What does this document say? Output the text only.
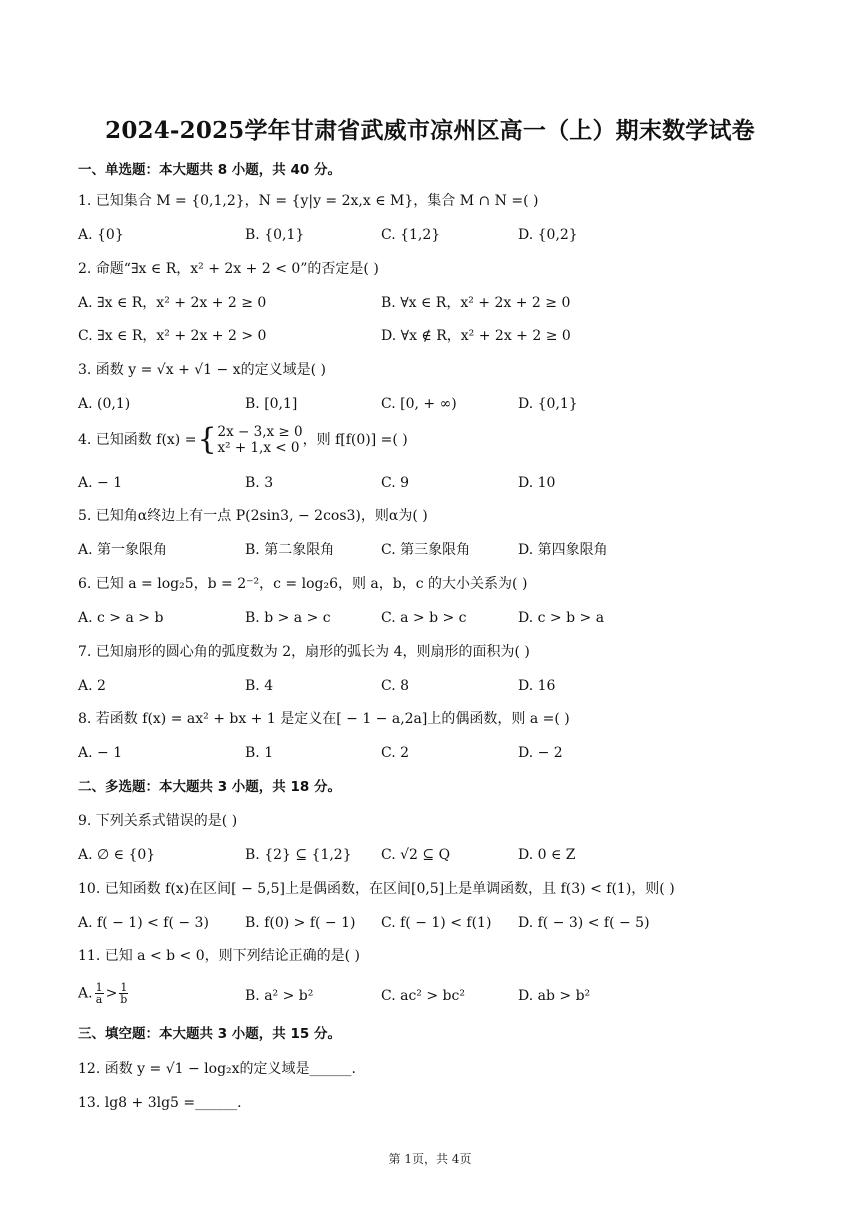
2024-2025学年甘肃省武威市凉州区高一（上）期末数学试卷
一、单选题：本大题共 8 小题，共 40 分。
1. 已知集合 M = {0,1,2}，N = {y|y = 2x,x ∈ M}，集合 M ∩ N =( )
A. {0}	B. {0,1}	C. {1,2}	D. {0,2}
2. 命题“∃x ∈ R，x² + 2x + 2 < 0”的否定是( )
A. ∃x ∈ R，x² + 2x + 2 ≥ 0	B. ∀x ∈ R，x² + 2x + 2 ≥ 0
C. ∃x ∈ R，x² + 2x + 2 > 0	D. ∀x ∉ R，x² + 2x + 2 ≥ 0
3. 函数 y = √x + √1 − x的定义域是( )
A. (0,1)	B. [0,1]	C. [0, + ∞)	D. {0,1}
4. 已知函数 f(x) ={ 2x − 3,x ≥ 0
x² + 1,x < 0 ，则 f[f(0)] =( )
A. − 1	B. 3	C. 9	D. 10
5. 已知角α终边上有一点 P(2sin3, − 2cos3)，则α为( )
A. 第一象限角	B. 第二象限角	C. 第三象限角	D. 第四象限角
6. 已知 a = log₂5，b = 2⁻²，c = log₂6，则 a，b，c 的大小关系为( )
A. c > a > b	B. b > a > c	C. a > b > c	D. c > b > a
7. 已知扇形的圆心角的弧度数为 2，扇形的弧长为 4，则扇形的面积为( )
A. 2	B. 4	C. 8	D. 16
8. 若函数 f(x) = ax² + bx + 1 是定义在[ − 1 − a,2a]上的偶函数，则 a =( )
A. − 1	B. 1	C. 2	D. − 2
二、多选题：本大题共 3 小题，共 18 分。
9. 下列关系式错误的是( )
A. ∅ ∈ {0}	B. {2} ⊆ {1,2} C. √2 ⊆ Q	D. 0 ∈ Z
10. 已知函数 f(x)在区间[ − 5,5]上是偶函数，在区间[0,5]上是单调函数，且 f(3) < f(1)，则( )
A. f( − 1) < f( − 3)	B. f(0) > f( − 1) C. f( − 1) < f(1) D. f( − 3) < f( − 5)
11. 已知 a < b < 0，则下列结论正确的是( )
A. $\frac{1}{a} > \frac{1}{b}$	B. a² > b²	C. ac² > bc²	D. ab > b²
三、填空题：本大题共 3 小题，共 15 分。
12. 函数 y = √1 − log₂x的定义域是______.
13. lg8 + 3lg5 =______.
第 1页，共 4页
